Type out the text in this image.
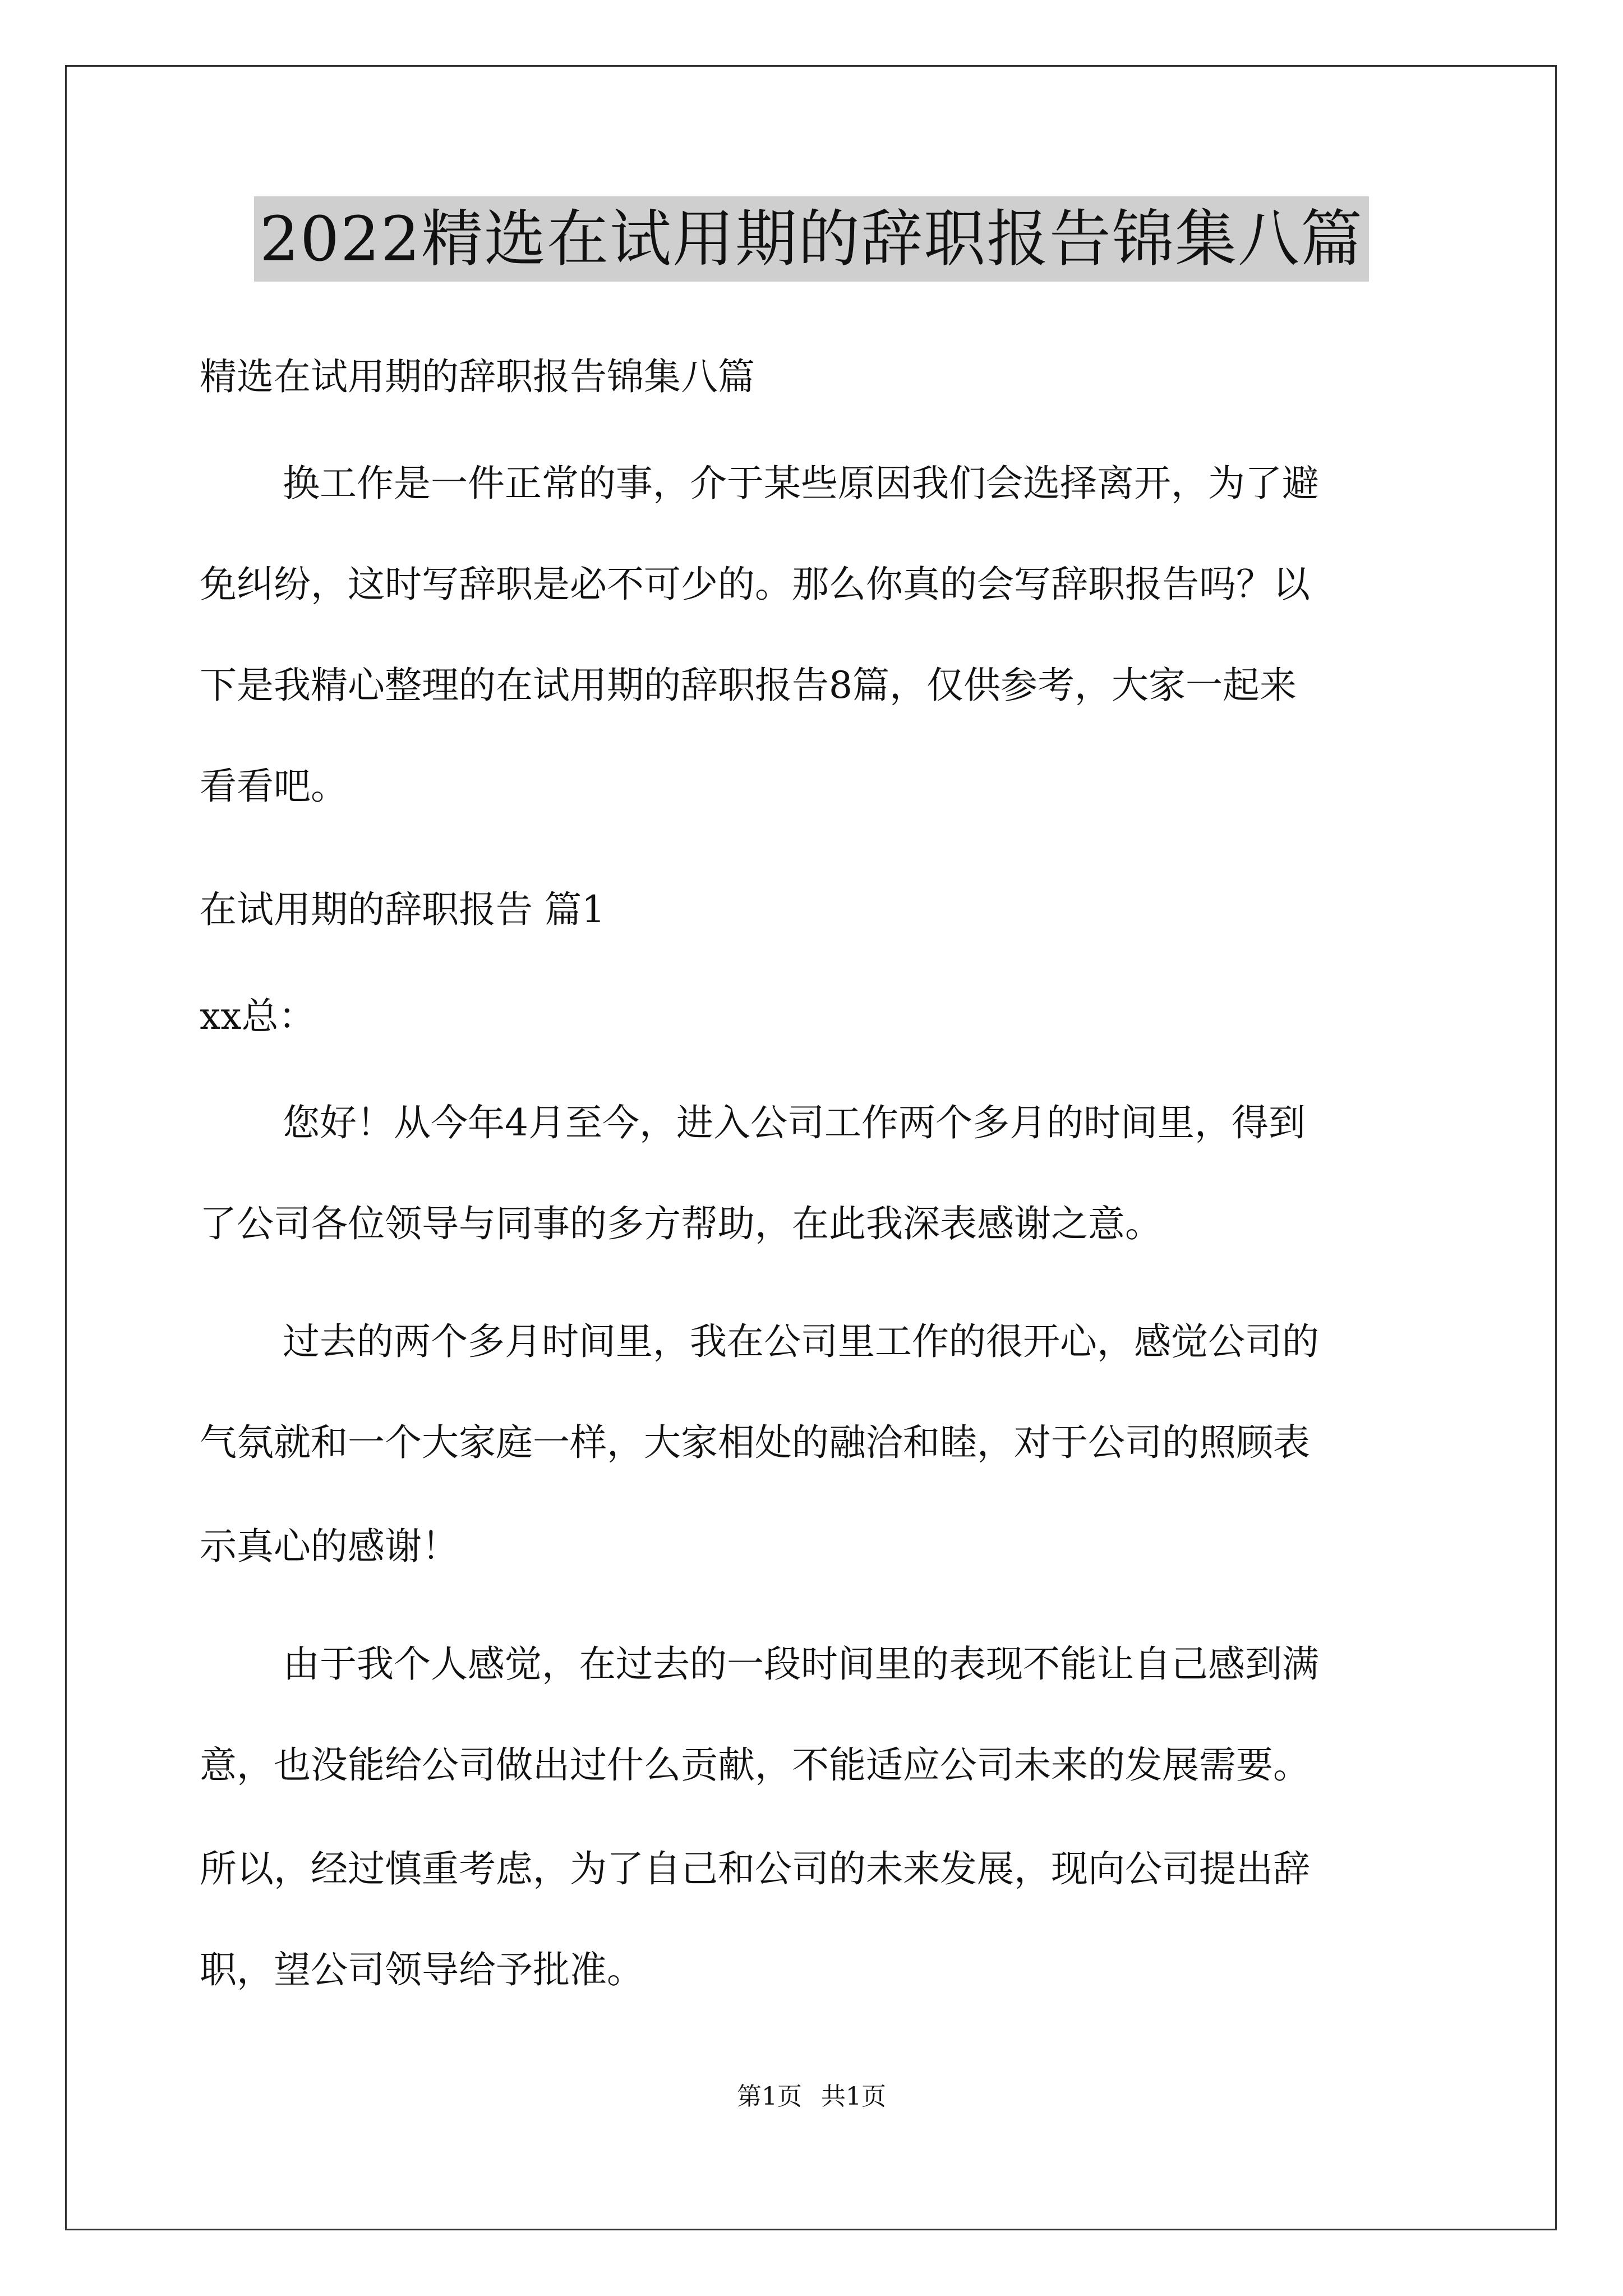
2022精选在试用期的辞职报告锦集八篇
精选在试用期的辞职报告锦集八篇
换工作是一件正常的事，介于某些原因我们会选择离开，为了避
免纠纷，这时写辞职是必不可少的。那么你真的会写辞职报告吗？以
下是我精心整理的在试用期的辞职报告8篇，仅供参考，大家一起来
看看吧。
在试用期的辞职报告 篇1
xx总：
您好！从今年4月至今，进入公司工作两个多月的时间里，得到
了公司各位领导与同事的多方帮助，在此我深表感谢之意。
过去的两个多月时间里，我在公司里工作的很开心，感觉公司的
气氛就和一个大家庭一样，大家相处的融洽和睦，对于公司的照顾表
示真心的感谢！
由于我个人感觉，在过去的一段时间里的表现不能让自己感到满
意，也没能给公司做出过什么贡献，不能适应公司未来的发展需要。
所以，经过慎重考虑，为了自己和公司的未来发展，现向公司提出辞
职，望公司领导给予批准。
第1页 共1页
